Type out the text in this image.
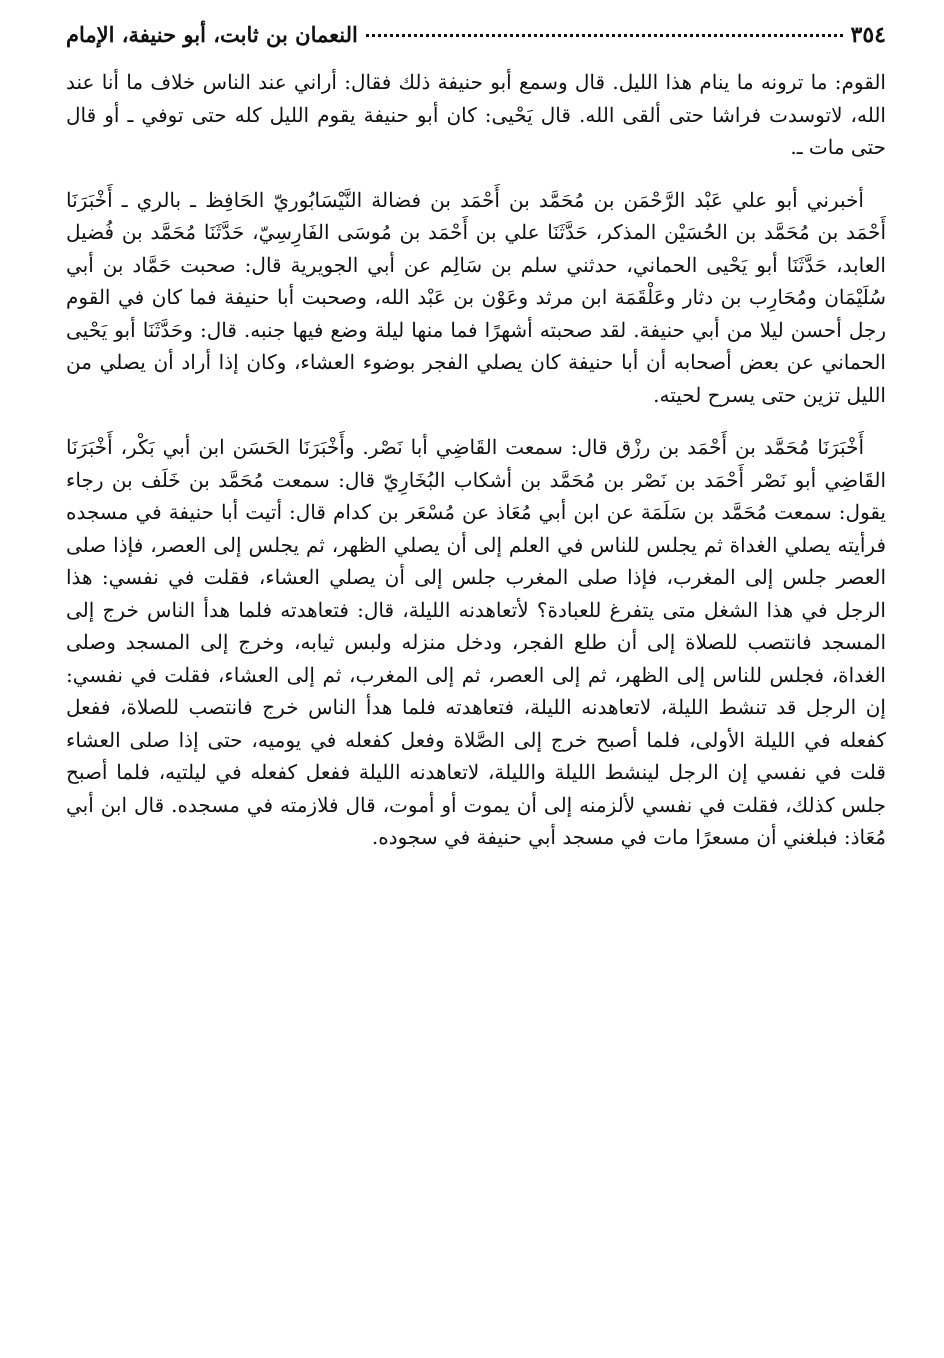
٣٥٤
النعمان بن ثابت، أبو حنيفة، الإمام

القوم: ما ترونه ما ينام هذا الليل. قال وسمع أبو حنيفة ذلك فقال: أراني عند الناس خلاف ما أنا عند الله، لاتوسدت فراشا حتى ألقى الله. قال يَحْيى: كان أبو حنيفة يقوم الليل كله حتى توفي ـ أو قال حتى مات ـ.

أخبرني أبو علي عَبْد الرَّحْمَن بن مُحَمَّد بن أَحْمَد بن فضالة النَّيْسَابُوريّ الحَافِظ ـ بالري ـ أَخْبَرَنَا أَحْمَد بن مُحَمَّد بن الحُسَيْن المذكر، حَدَّثَنَا علي بن أَحْمَد بن مُوسَى الفَارِسِيّ، حَدَّثَنَا مُحَمَّد بن فُضيل العابد، حَدَّثَنَا أبو يَحْيى الحماني، حدثني سلم بن سَالِم عن أبي الجويرية قال: صحبت حَمَّاد بن أبي سُلَيْمَان ومُحَارِب بن دثار وعَلْقَمَة ابن مرثد وعَوْن بن عَبْد الله، وصحبت أبا حنيفة فما كان في القوم رجل أحسن ليلا من أبي حنيفة. لقد صحبته أشهرًا فما منها ليلة وضع فيها جنبه. قال: وحَدَّثَنَا أبو يَحْيى الحماني عن بعض أصحابه أن أبا حنيفة كان يصلي الفجر بوضوء العشاء، وكان إذا أراد أن يصلي من الليل تزين حتى يسرح لحيته.

أَخْبَرَنَا مُحَمَّد بن أَحْمَد بن رزْق قال: سمعت القَاضِي أبا نَصْر. وأَخْبَرَنَا الحَسَن ابن أبي بَكْر، أَخْبَرَنَا القَاضِي أبو نَصْر أَحْمَد بن نَصْر بن مُحَمَّد بن أشكاب البُخَارِيّ قال: سمعت مُحَمَّد بن خَلَف بن رجاء يقول: سمعت مُحَمَّد بن سَلَمَة عن ابن أبي مُعَاذ عن مُسْعَر بن كدام قال: أتيت أبا حنيفة في مسجده فرأيته يصلي الغداة ثم يجلس للناس في العلم إلى أن يصلي الظهر، ثم يجلس إلى العصر، فإذا صلى العصر جلس إلى المغرب، فإذا صلى المغرب جلس إلى أن يصلي العشاء، فقلت في نفسي: هذا الرجل في هذا الشغل متى يتفرغ للعبادة؟ لأتعاهدنه الليلة، قال: فتعاهدته فلما هدأ الناس خرج إلى المسجد فانتصب للصلاة إلى أن طلع الفجر، ودخل منزله ولبس ثيابه، وخرج إلى المسجد وصلى الغداة، فجلس للناس إلى الظهر، ثم إلى العصر، ثم إلى المغرب، ثم إلى العشاء، فقلت في نفسي: إن الرجل قد تنشط الليلة، لاتعاهدنه الليلة، فتعاهدته فلما هدأ الناس خرج فانتصب للصلاة، ففعل كفعله في الليلة الأولى، فلما أصبح خرج إلى الصَّلاة وفعل كفعله في يوميه، حتى إذا صلى العشاء قلت في نفسي إن الرجل لينشط الليلة والليلة، لاتعاهدنه الليلة ففعل كفعله في ليلتيه، فلما أصبح جلس كذلك، فقلت في نفسي لألزمنه إلى أن يموت أو أموت، قال فلازمته في مسجده. قال ابن أبي مُعَاذ: فبلغني أن مسعرًا مات في مسجد أبي حنيفة في سجوده.
